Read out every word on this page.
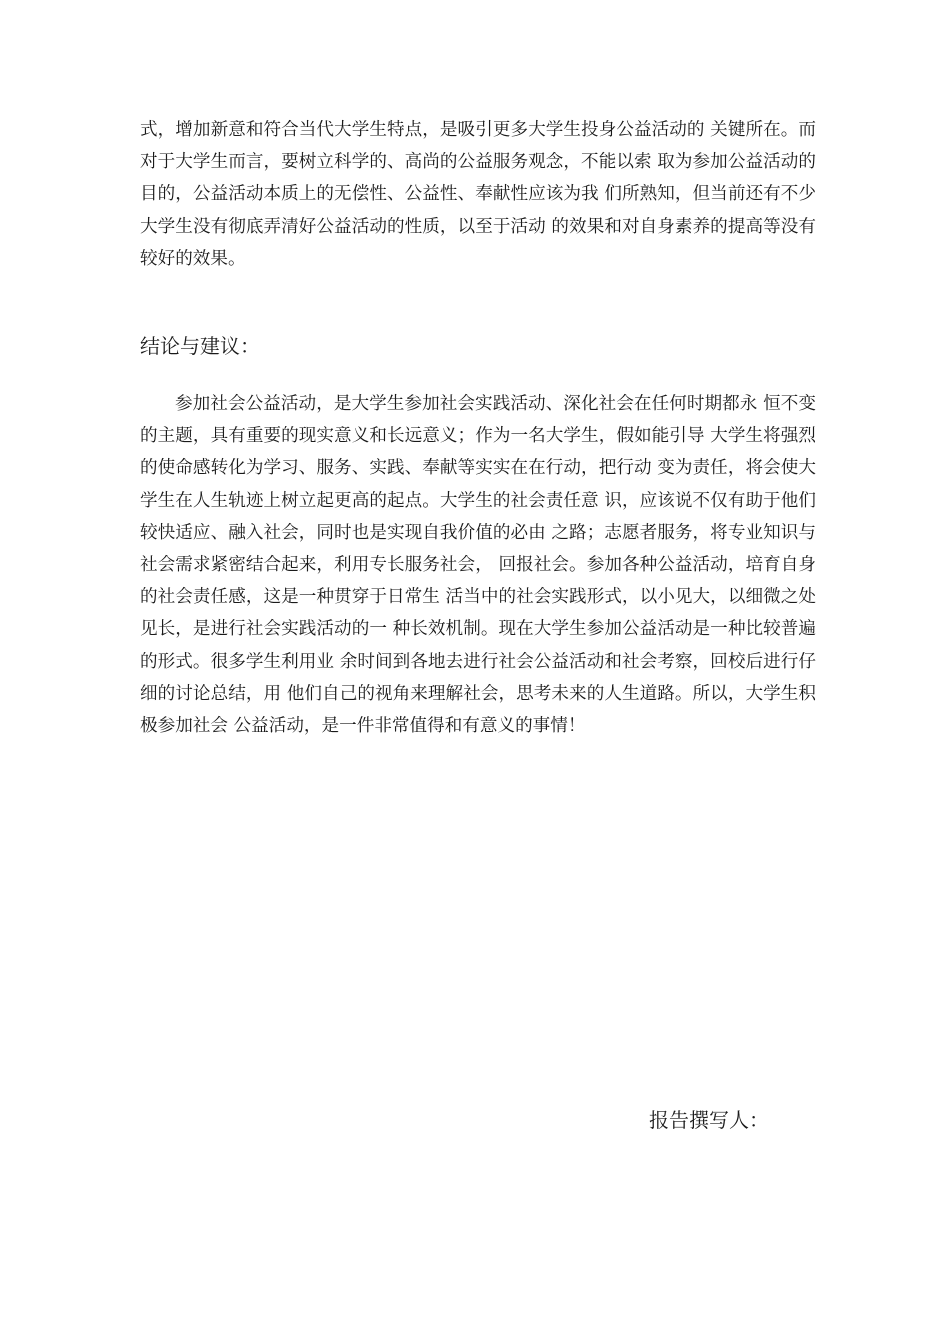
式，增加新意和符合当代大学生特点，是吸引更多大学生投身公益活动的 关键所在。而对于大学生而言，要树立科学的、高尚的公益服务观念，不能以索 取为参加公益活动的目的，公益活动本质上的无偿性、公益性、奉献性应该为我 们所熟知，但当前还有不少大学生没有彻底弄清好公益活动的性质，以至于活动 的效果和对自身素养的提高等没有较好的效果。

结论与建议：

参加社会公益活动，是大学生参加社会实践活动、深化社会在任何时期都永 恒不变的主题，具有重要的现实意义和长远意义；作为一名大学生，假如能引导 大学生将强烈的使命感转化为学习、服务、实践、奉献等实实在在行动，把行动 变为责任，将会使大学生在人生轨迹上树立起更高的起点。大学生的社会责任意 识，应该说不仅有助于他们较快适应、融入社会，同时也是实现自我价值的必由 之路；志愿者服务，将专业知识与社会需求紧密结合起来，利用专长服务社会， 回报社会。参加各种公益活动，培育自身的社会责任感，这是一种贯穿于日常生 活当中的社会实践形式，以小见大，以细微之处见长，是进行社会实践活动的一 种长效机制。现在大学生参加公益活动是一种比较普遍的形式。很多学生利用业 余时间到各地去进行社会公益活动和社会考察，回校后进行仔细的讨论总结，用 他们自己的视角来理解社会，思考未来的人生道路。所以，大学生积极参加社会 公益活动，是一件非常值得和有意义的事情！

报告撰写人：
